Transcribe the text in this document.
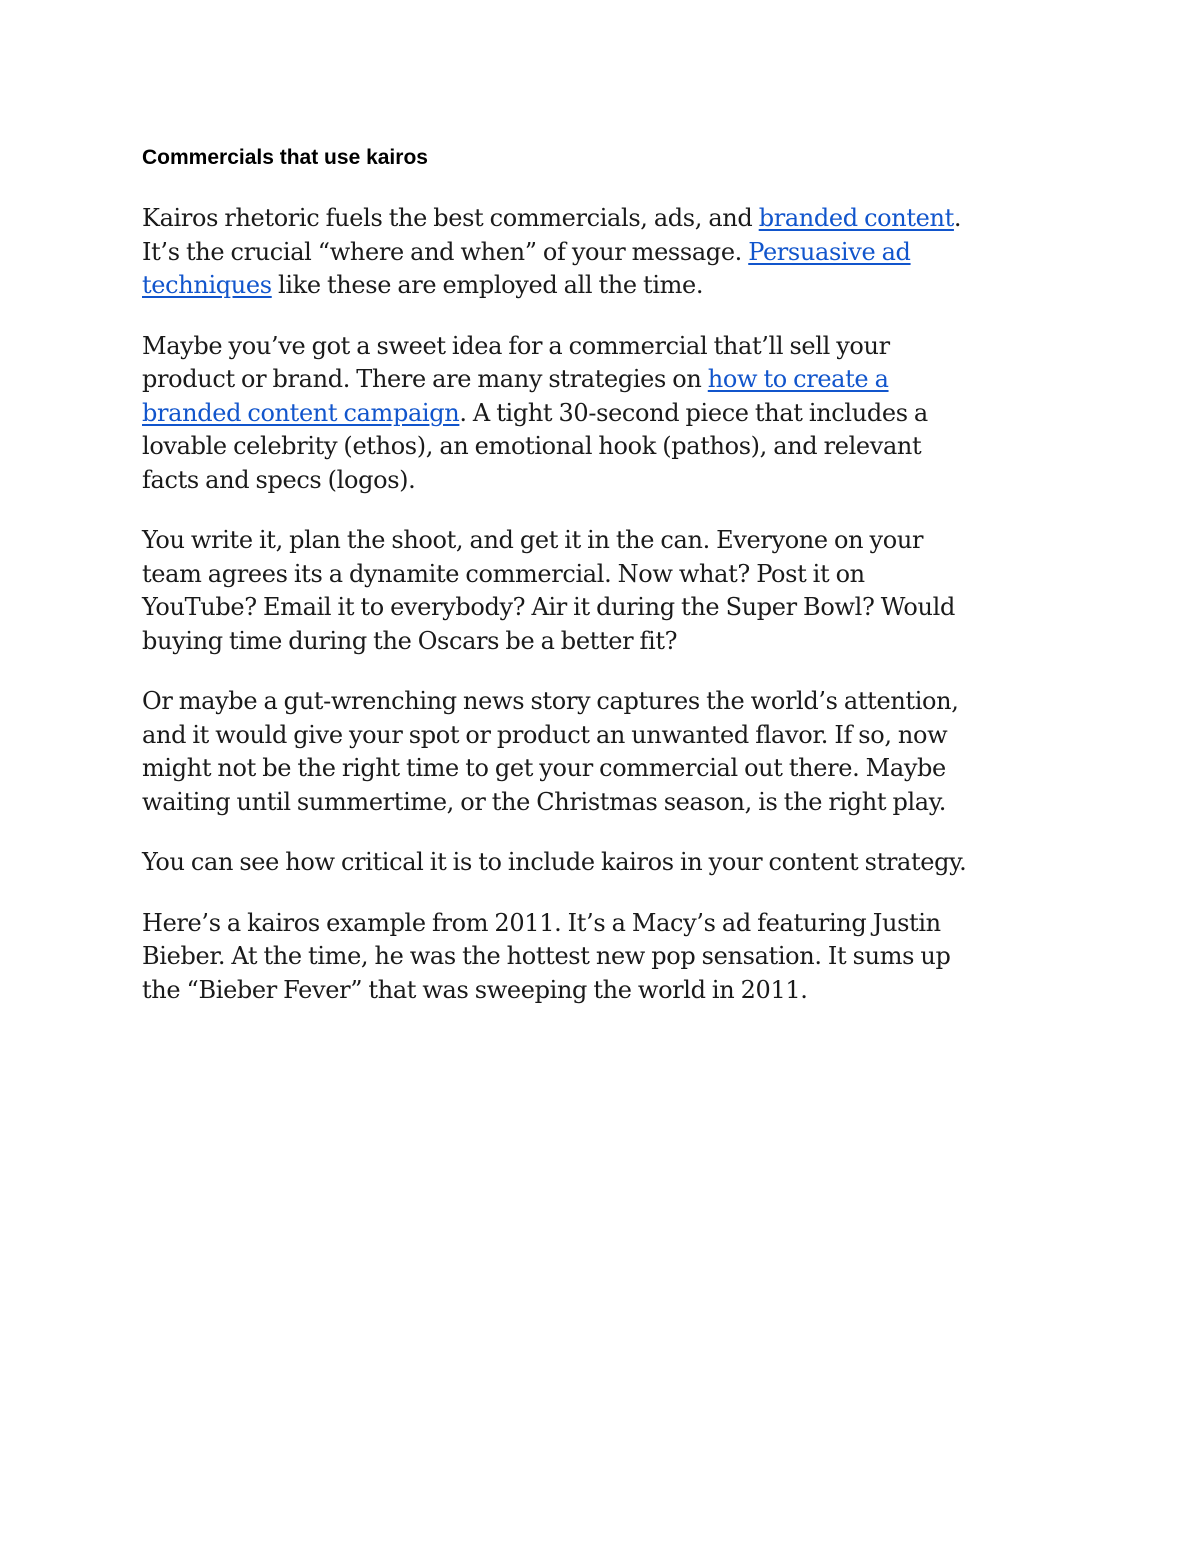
Commercials that use kairos

Kairos rhetoric fuels the best commercials, ads, and branded content.
It’s the crucial “where and when” of your message. Persuasive ad
techniques like these are employed all the time.

Maybe you’ve got a sweet idea for a commercial that’ll sell your
product or brand. There are many strategies on how to create a
branded content campaign. A tight 30-second piece that includes a
lovable celebrity (ethos), an emotional hook (pathos), and relevant
facts and specs (logos).

You write it, plan the shoot, and get it in the can. Everyone on your
team agrees its a dynamite commercial. Now what? Post it on
YouTube? Email it to everybody? Air it during the Super Bowl? Would
buying time during the Oscars be a better fit?

Or maybe a gut-wrenching news story captures the world’s attention,
and it would give your spot or product an unwanted flavor. If so, now
might not be the right time to get your commercial out there. Maybe
waiting until summertime, or the Christmas season, is the right play.

You can see how critical it is to include kairos in your content strategy.

Here’s a kairos example from 2011. It’s a Macy’s ad featuring Justin
Bieber. At the time, he was the hottest new pop sensation. It sums up
the “Bieber Fever” that was sweeping the world in 2011.
